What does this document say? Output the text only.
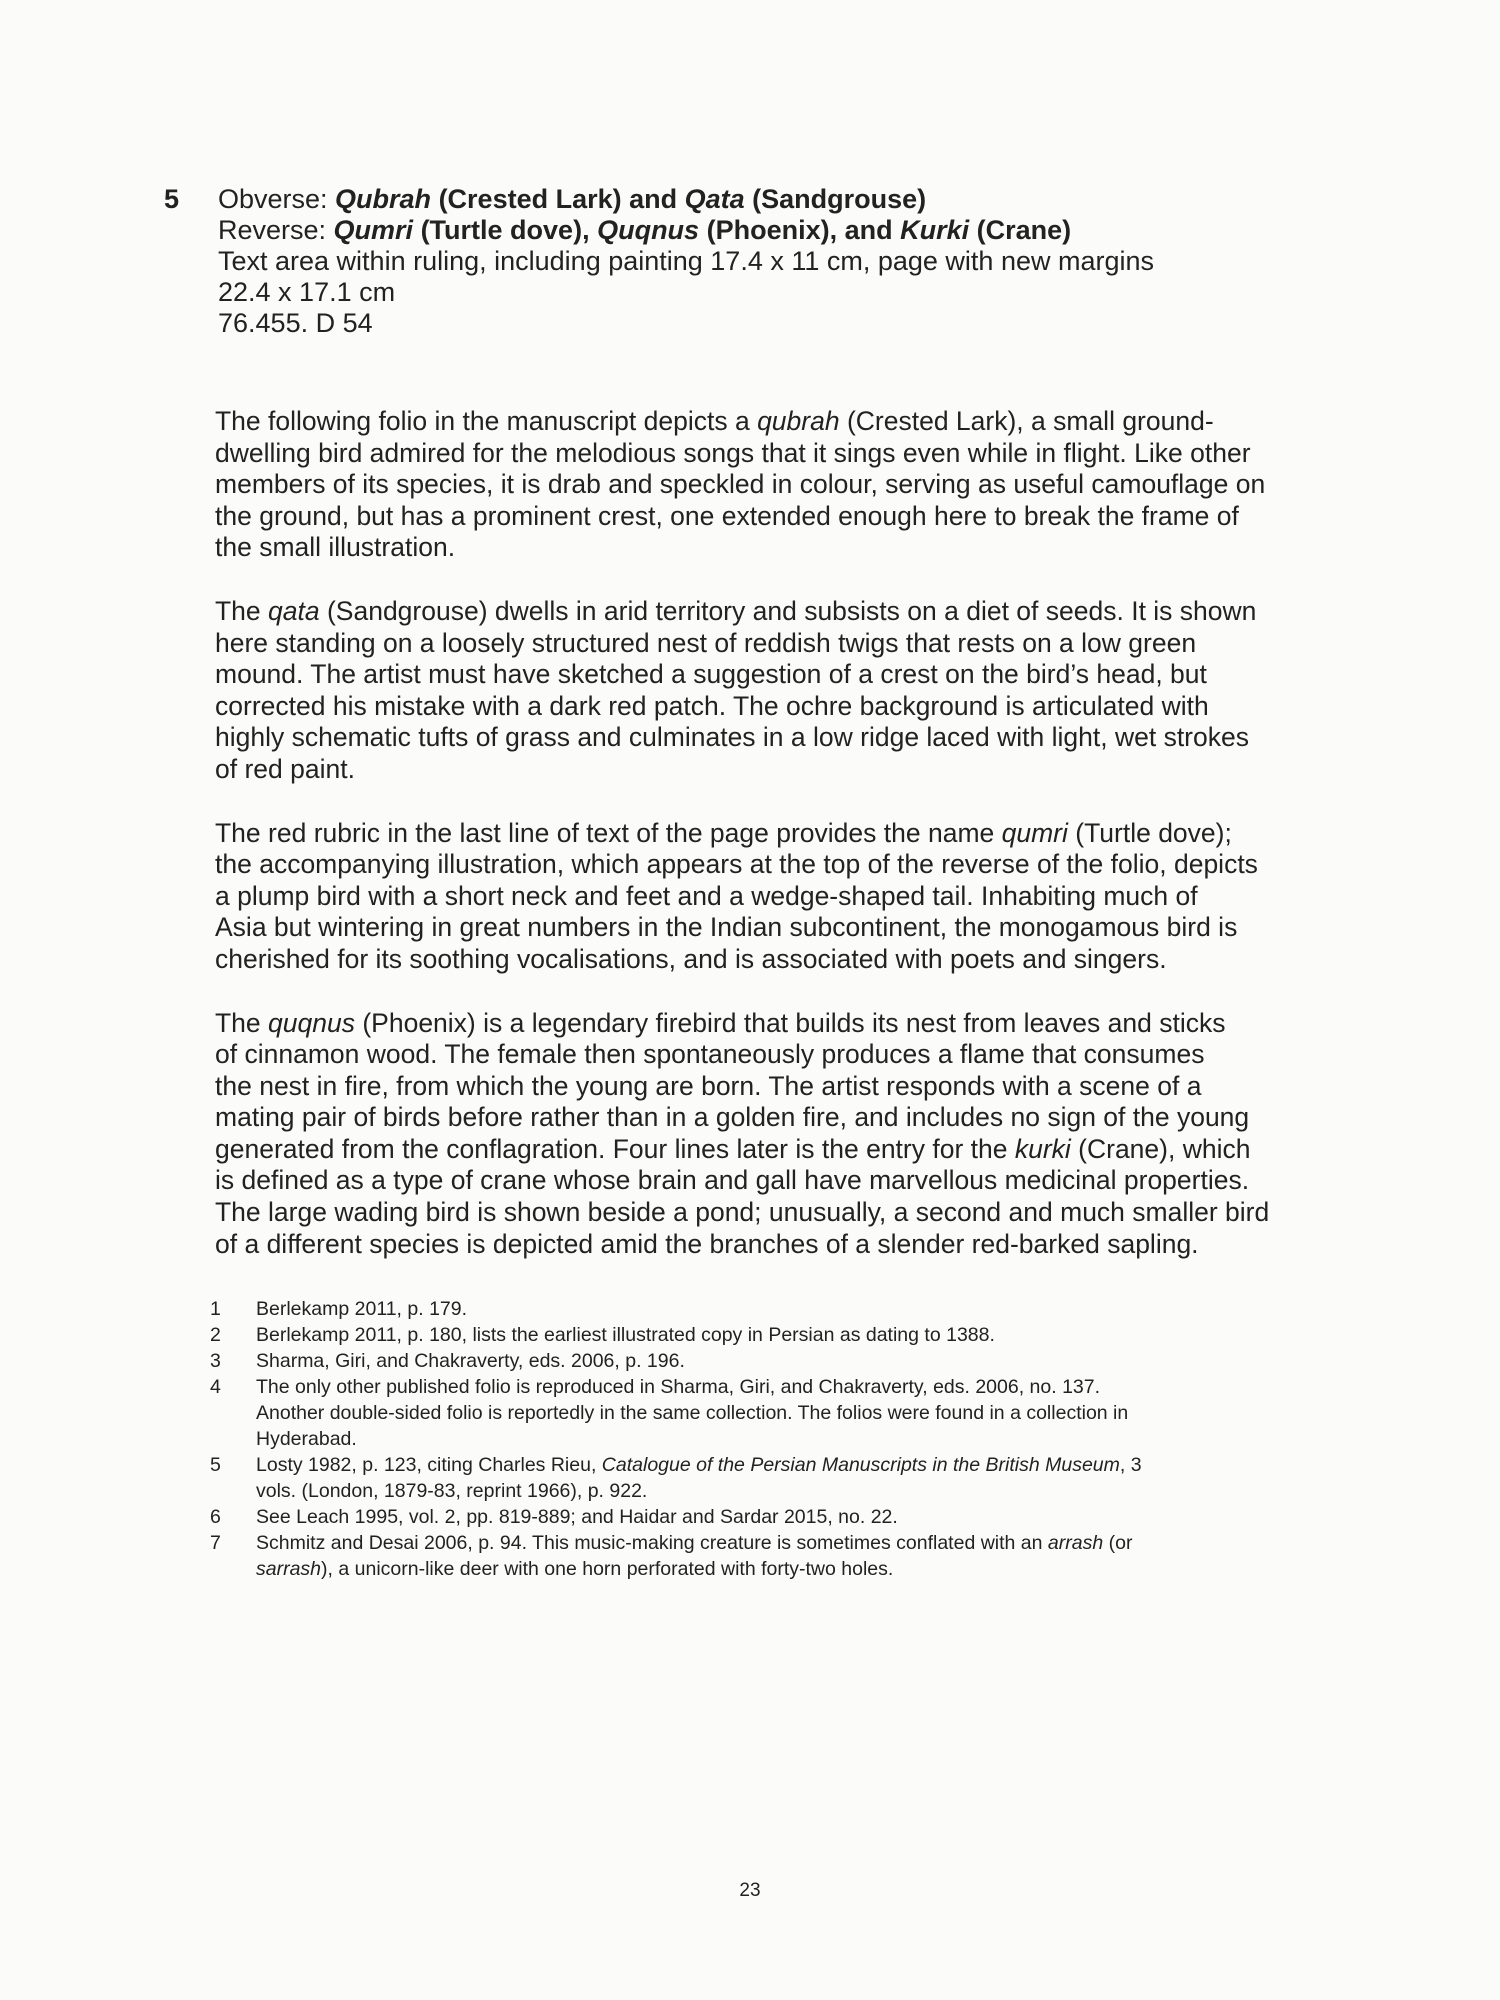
5 Obverse: Qubrah (Crested Lark) and Qata (Sandgrouse)
Reverse: Qumri (Turtle dove), Quqnus (Phoenix), and Kurki (Crane)
Text area within ruling, including painting 17.4 x 11 cm, page with new margins
22.4 x 17.1 cm
76.455. D 54

The following folio in the manuscript depicts a qubrah (Crested Lark), a small ground-
dwelling bird admired for the melodious songs that it sings even while in flight. Like other
members of its species, it is drab and speckled in colour, serving as useful camouflage on
the ground, but has a prominent crest, one extended enough here to break the frame of
the small illustration.

The qata (Sandgrouse) dwells in arid territory and subsists on a diet of seeds. It is shown
here standing on a loosely structured nest of reddish twigs that rests on a low green
mound. The artist must have sketched a suggestion of a crest on the bird’s head, but
corrected his mistake with a dark red patch. The ochre background is articulated with
highly schematic tufts of grass and culminates in a low ridge laced with light, wet strokes
of red paint.

The red rubric in the last line of text of the page provides the name qumri (Turtle dove);
the accompanying illustration, which appears at the top of the reverse of the folio, depicts
a plump bird with a short neck and feet and a wedge-shaped tail. Inhabiting much of
Asia but wintering in great numbers in the Indian subcontinent, the monogamous bird is
cherished for its soothing vocalisations, and is associated with poets and singers.

The quqnus (Phoenix) is a legendary firebird that builds its nest from leaves and sticks
of cinnamon wood. The female then spontaneously produces a flame that consumes
the nest in fire, from which the young are born. The artist responds with a scene of a
mating pair of birds before rather than in a golden fire, and includes no sign of the young
generated from the conflagration. Four lines later is the entry for the kurki (Crane), which
is defined as a type of crane whose brain and gall have marvellous medicinal properties.
The large wading bird is shown beside a pond; unusually, a second and much smaller bird
of a different species is depicted amid the branches of a slender red-barked sapling.

1	Berlekamp 2011, p. 179.
2	Berlekamp 2011, p. 180, lists the earliest illustrated copy in Persian as dating to 1388.
3	Sharma, Giri, and Chakraverty, eds. 2006, p. 196.
4	The only other published folio is reproduced in Sharma, Giri, and Chakraverty, eds. 2006, no. 137.
Another double-sided folio is reportedly in the same collection. The folios were found in a collection in
Hyderabad.
5	Losty 1982, p. 123, citing Charles Rieu, Catalogue of the Persian Manuscripts in the British Museum, 3
vols. (London, 1879-83, reprint 1966), p. 922.
6	See Leach 1995, vol. 2, pp. 819-889; and Haidar and Sardar 2015, no. 22.
7	Schmitz and Desai 2006, p. 94. This music-making creature is sometimes conflated with an arrash (or
sarrash), a unicorn-like deer with one horn perforated with forty-two holes.
23
